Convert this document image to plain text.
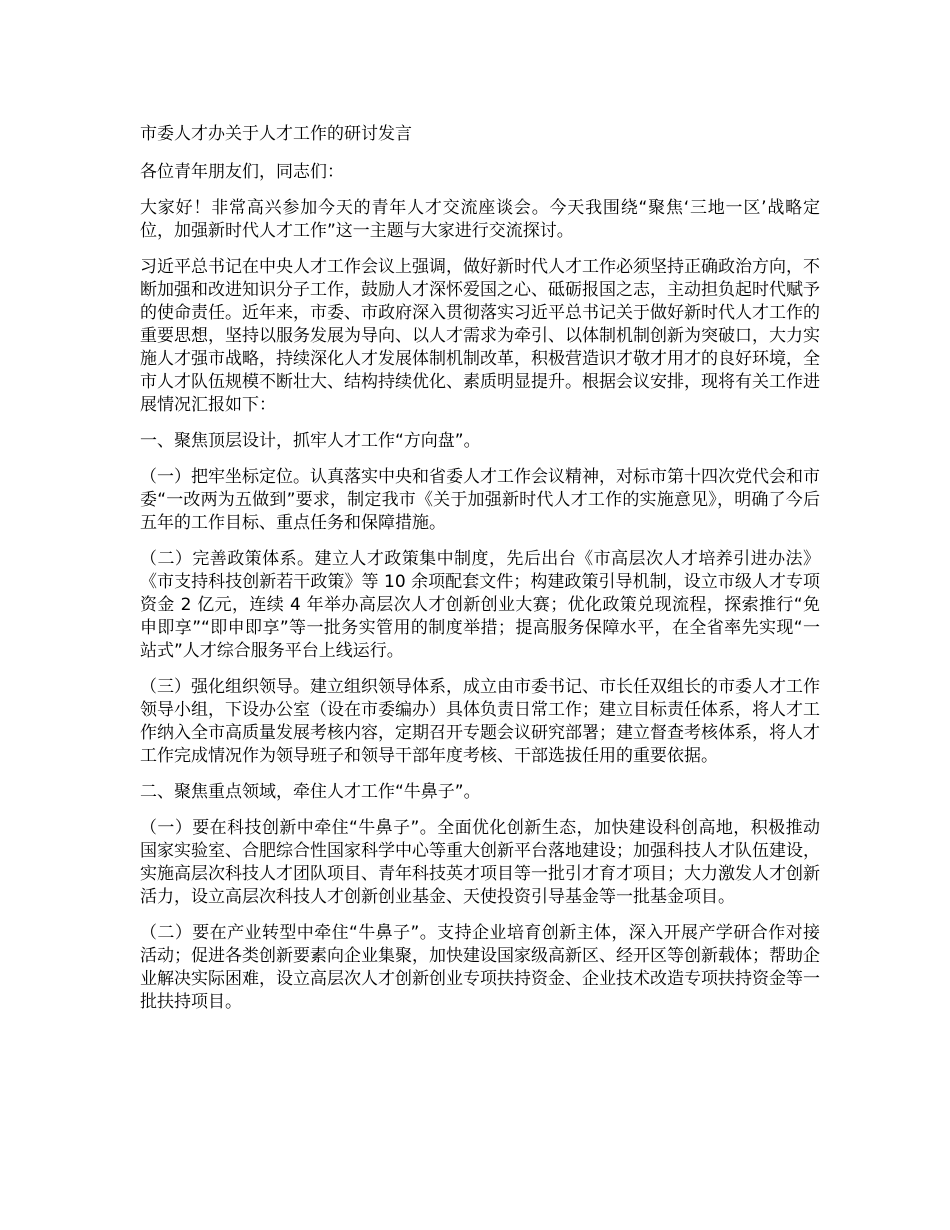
市委人才办关于人才工作的研讨发言

各位青年朋友们，同志们：

大家好！非常高兴参加今天的青年人才交流座谈会。今天我围绕“聚焦‘三地一区’战略定位，加强新时代人才工作”这一主题与大家进行交流探讨。

习近平总书记在中央人才工作会议上强调，做好新时代人才工作必须坚持正确政治方向，不断加强和改进知识分子工作，鼓励人才深怀爱国之心、砥砺报国之志，主动担负起时代赋予的使命责任。近年来，市委、市政府深入贯彻落实习近平总书记关于做好新时代人才工作的重要思想，坚持以服务发展为导向、以人才需求为牵引、以体制机制创新为突破口，大力实施人才强市战略，持续深化人才发展体制机制改革，积极营造识才敬才用才的良好环境，全市人才队伍规模不断壮大、结构持续优化、素质明显提升。根据会议安排，现将有关工作进展情况汇报如下：

一、聚焦顶层设计，抓牢人才工作“方向盘”。

（一）把牢坐标定位。认真落实中央和省委人才工作会议精神，对标市第十四次党代会和市委“一改两为五做到”要求，制定我市《关于加强新时代人才工作的实施意见》，明确了今后五年的工作目标、重点任务和保障措施。

（二）完善政策体系。建立人才政策集中制度，先后出台《市高层次人才培养引进办法》《市支持科技创新若干政策》等 10 余项配套文件；构建政策引导机制，设立市级人才专项资金 2 亿元，连续 4 年举办高层次人才创新创业大赛；优化政策兑现流程，探索推行“免申即享”“即申即享”等一批务实管用的制度举措；提高服务保障水平，在全省率先实现“一站式”人才综合服务平台上线运行。

（三）强化组织领导。建立组织领导体系，成立由市委书记、市长任双组长的市委人才工作领导小组，下设办公室（设在市委编办）具体负责日常工作；建立目标责任体系，将人才工作纳入全市高质量发展考核内容，定期召开专题会议研究部署；建立督查考核体系，将人才工作完成情况作为领导班子和领导干部年度考核、干部选拔任用的重要依据。

二、聚焦重点领域，牵住人才工作“牛鼻子”。

（一）要在科技创新中牵住“牛鼻子”。全面优化创新生态，加快建设科创高地，积极推动国家实验室、合肥综合性国家科学中心等重大创新平台落地建设；加强科技人才队伍建设，实施高层次科技人才团队项目、青年科技英才项目等一批引才育才项目；大力激发人才创新活力，设立高层次科技人才创新创业基金、天使投资引导基金等一批基金项目。

（二）要在产业转型中牵住“牛鼻子”。支持企业培育创新主体，深入开展产学研合作对接活动；促进各类创新要素向企业集聚，加快建设国家级高新区、经开区等创新载体；帮助企业解决实际困难，设立高层次人才创新创业专项扶持资金、企业技术改造专项扶持资金等一批扶持项目。
